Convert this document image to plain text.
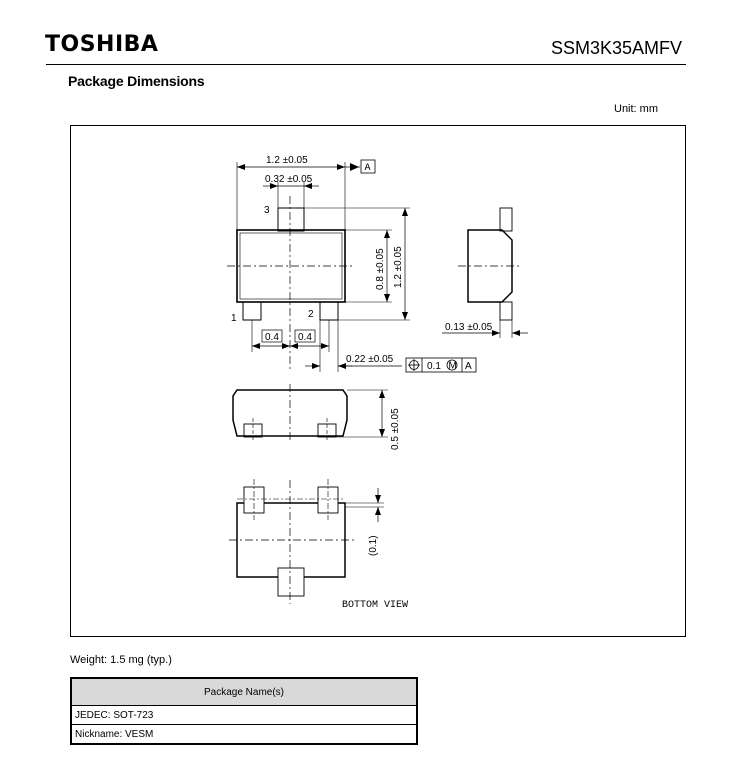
TOSHIBA	SSM3K35AMFV
Package Dimensions
Unit: mm
1.2 ±0.05
A
0.32 ±0.05
3
1	2
0.8 ±0.05 1.2 ±0.05
0.4 0.4
0.22 ±0.05
0.1 M A
0.13 ±0.05
0.5 ±0.05
(0.1)
BOTTOM VIEW
Weight: 1.5 mg (typ.)
Package Name(s)
JEDEC: SOT-723
Nickname: VESM
